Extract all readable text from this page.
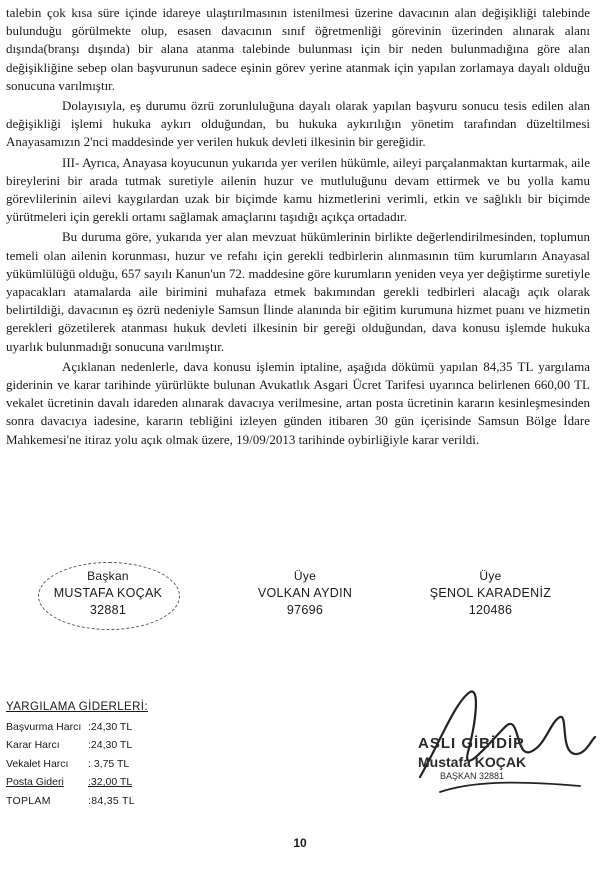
talebin çok kısa süre içinde idareye ulaştırılmasının istenilmesi üzerine davacının alan değişikliği talebinde bulunduğu görülmekte olup, esasen davacının sınıf öğretmenliği görevinin üzerinden alınarak alanı dışında(branşı dışında) bir alana atanma talebinde bulunması için bir neden bulunmadığına göre alan değişikliğine sebep olan başvurunun sadece eşinin görev yerine atanmak için yapılan zorlamaya dayalı olduğu sonucuna varılmıştır.

Dolayısıyla, eş durumu özrü zorunluluğuna dayalı olarak yapılan başvuru sonucu tesis edilen alan değişikliği işlemi hukuka aykırı olduğundan, bu hukuka aykırılığın yönetim tarafından düzeltilmesi Anayasamızın 2'nci maddesinde yer verilen hukuk devleti ilkesinin bir gereğidir.

III- Ayrıca, Anayasa koyucunun yukarıda yer verilen hükümle, aileyi parçalanmaktan kurtarmak, aile bireylerini bir arada tutmak suretiyle ailenin huzur ve mutluluğunu devam ettirmek ve bu yolla kamu görevlilerinin ailevi kaygılardan uzak bir biçimde kamu hizmetlerini verimli, etkin ve sağlıklı bir biçimde yürütmeleri için gerekli ortamı sağlamak amaçlarını taşıdığı açıkça ortadadır.

Bu duruma göre, yukarıda yer alan mevzuat hükümlerinin birlikte değerlendirilmesinden, toplumun temeli olan ailenin korunması, huzur ve refahı için gerekli tedbirlerin alınmasının tüm kurumların Anayasal yükümlülüğü olduğu, 657 sayılı Kanun'un 72. maddesine göre kurumların yeniden veya yer değiştirme suretiyle yapacakları atamalarda aile birimini muhafaza etmek bakımından gerekli tedbirleri alacağı açık olarak belirtildiği, davacının eş özrü nedeniyle Samsun İlinde alanında bir eğitim kurumuna hizmet puanı ve hizmetin gerekleri gözetilerek atanması hukuk devleti ilkesinin bir gereği olduğundan, dava konusu işlemde hukuka uyarlık bulunmadığı sonucuna varılmıştır.

Açıklanan nedenlerle, dava konusu işlemin iptaline, aşağıda dökümü yapılan 84,35 TL yargılama giderinin ve karar tarihinde yürürlükte bulunan Avukatlık Asgari Ücret Tarifesi uyarınca belirlenen 660,00 TL vekalet ücretinin davalı idareden alınarak davacıya verilmesine, artan posta ücretinin kararın kesinleşmesinden sonra davacıya iadesine, kararın tebliğini izleyen günden itibaren 30 gün içerisinde Samsun Bölge İdare Mahkemesi'ne itiraz yolu açık olmak üzere, 19/09/2013 tarihinde oybirliğiyle karar verildi.

Başkan
MUSTAFA KOÇAK
32881
Üye
VOLKAN AYDIN
97696
Üye
ŞENOL KARADENİZ
120486
YARGILAMA GİDERLERİ:
Başvurma Harcı :24,30 TL
Karar Harcı	:24,30 TL
Vekalet Harcı	: 3,75 TL
Posta Gideri	:32,00 TL
TOPLAM	:84,35 TL
ASLI GİBİDİR
Mustafa KOÇAK
BAŞKAN 32881
10
